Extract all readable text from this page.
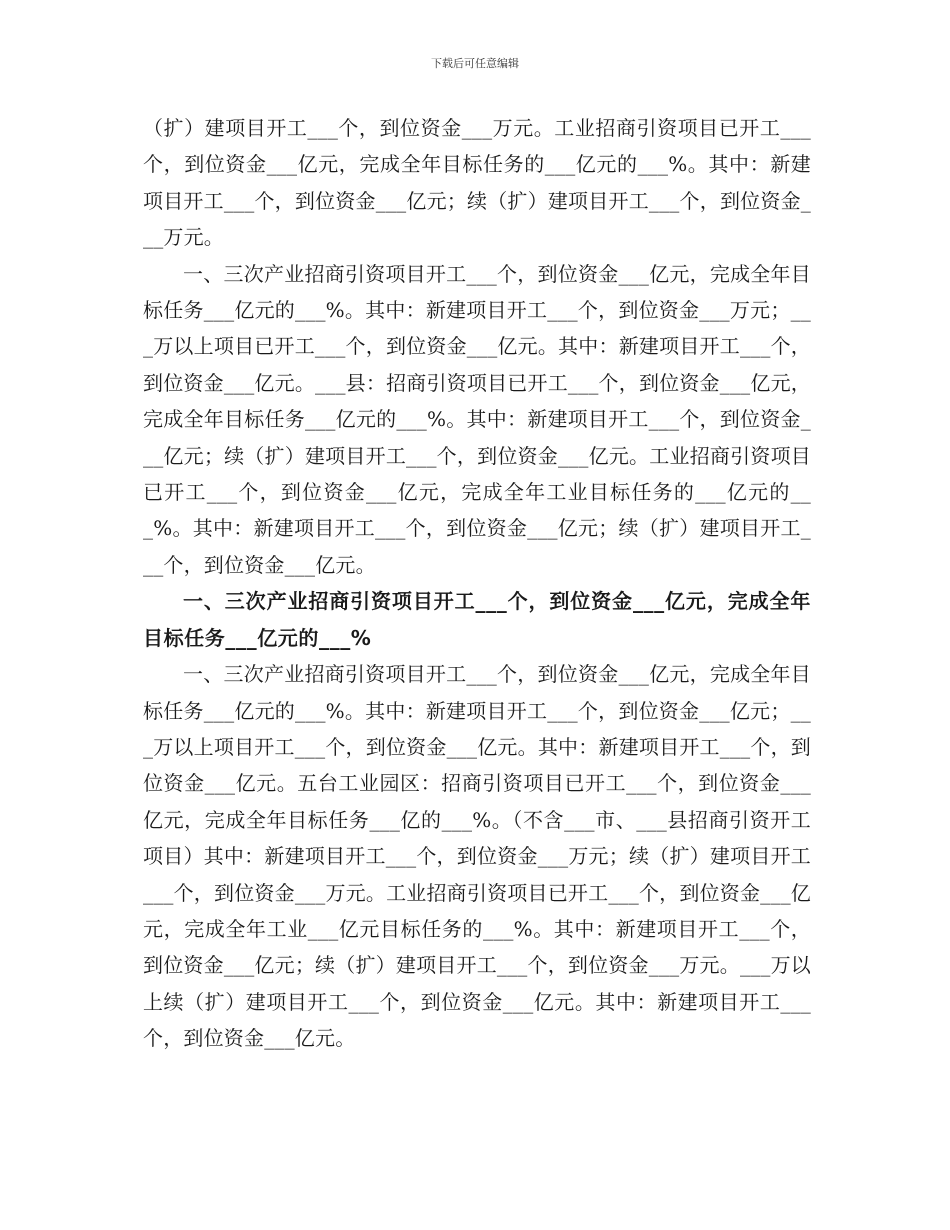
下载后可任意编辑

（扩）建项目开工___个，到位资金___万元。工业招商引资项目已开工___个，到位资金___亿元，完成全年目标任务的___亿元的___%。其中：新建项目开工___个，到位资金___亿元；续（扩）建项目开工___个，到位资金___万元。

一、三次产业招商引资项目开工___个，到位资金___亿元，完成全年目标任务___亿元的___%。其中：新建项目开工___个，到位资金___万元；___万以上项目已开工___个，到位资金___亿元。其中：新建项目开工___个，到位资金___亿元。___县：招商引资项目已开工___个，到位资金___亿元，完成全年目标任务___亿元的___%。其中：新建项目开工___个，到位资金___亿元；续（扩）建项目开工___个，到位资金___亿元。工业招商引资项目已开工___个，到位资金___亿元，完成全年工业目标任务的___亿元的___%。其中：新建项目开工___个，到位资金___亿元；续（扩）建项目开工___个，到位资金___亿元。

一、三次产业招商引资项目开工___个，到位资金___亿元，完成全年目标任务___亿元的___%

一、三次产业招商引资项目开工___个，到位资金___亿元，完成全年目标任务___亿元的___%。其中：新建项目开工___个，到位资金___亿元；___万以上项目开工___个，到位资金___亿元。其中：新建项目开工___个，到位资金___亿元。五台工业园区：招商引资项目已开工___个，到位资金___亿元，完成全年目标任务___亿的___%。（不含___市、___县招商引资开工项目）其中：新建项目开工___个，到位资金___万元；续（扩）建项目开工___个，到位资金___万元。工业招商引资项目已开工___个，到位资金___亿元，完成全年工业___亿元目标任务的___%。其中：新建项目开工___个，到位资金___亿元；续（扩）建项目开工___个，到位资金___万元。___万以上续（扩）建项目开工___个，到位资金___亿元。其中：新建项目开工___个，到位资金___亿元。
